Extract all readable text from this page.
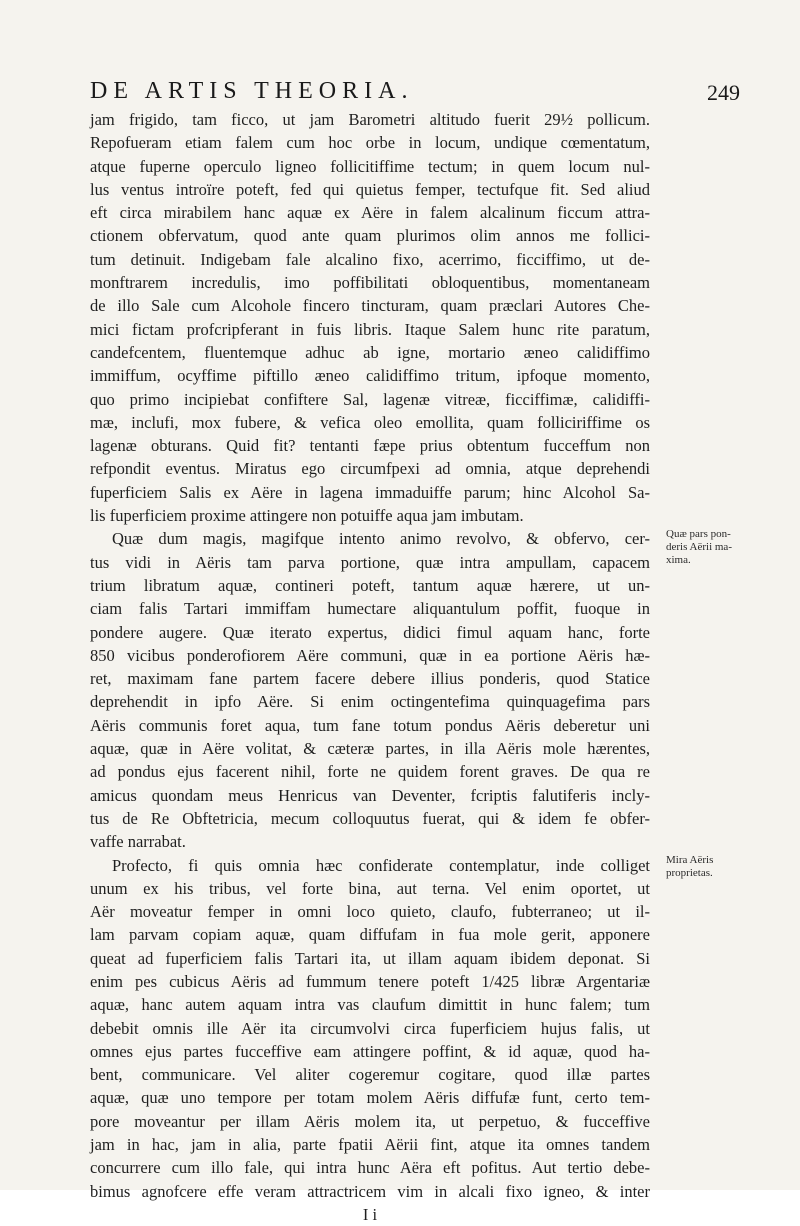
DE ARTIS THEORIA.	249
jam frigido, tam ficco, ut jam Barometri altitudo fuerit 29½ pollicum.
Repofueram etiam falem cum hoc orbe in locum, undique cœmentatum,
atque fuperne operculo ligneo follicitiffime tectum; in quem locum nul-
lus ventus introïre poteft, fed qui quietus femper, tectufque fit. Sed aliud
eft circa mirabilem hanc aquæ ex Aëre in falem alcalinum ficcum attra-
ctionem obfervatum, quod ante quam plurimos olim annos me follici-
tum detinuit. Indigebam fale alcalino fixo, acerrimo, ficciffimo, ut de-
monftrarem incredulis, imo poffibilitati obloquentibus, momentaneam
de illo Sale cum Alcohole fincero tincturam, quam præclari Autores Che-
mici fictam profcripferant in fuis libris. Itaque Salem hunc rite paratum,
candefcentem, fluentemque adhuc ab igne, mortario æneo calidiffimo
immiffum, ocyffime piftillo æneo calidiffimo tritum, ipfoque momento,
quo primo incipiebat confiftere Sal, lagenæ vitreæ, ficciffimæ, calidiffi-
mæ, inclufi, mox fubere, & vefica oleo emollita, quam folliciriffime os
lagenæ obturans. Quid fit? tentanti fæpe prius obtentum fucceffum non
refpondit eventus. Miratus ego circumfpexi ad omnia, atque deprehendi
fuperficiem Salis ex Aëre in lagena immaduiffe parum; hinc Alcohol Sa-
lis fuperficiem proxime attingere non potuiffe aqua jam imbutam.
Quæ dum magis, magifque intento animo revolvo, & obfervo, cer-
tus vidi in Aëris tam parva portione, quæ intra ampullam, capacem
trium libratum aquæ, contineri poteft, tantum aquæ hærere, ut un-
ciam falis Tartari immiffam humectare aliquantulum poffit, fuoque in
pondere augere. Quæ iterato expertus, didici fimul aquam hanc, forte
850 vicibus ponderofiorem Aëre communi, quæ in ea portione Aëris hæ-
ret, maximam fane partem facere debere illius ponderis, quod Statice
deprehendit in ipfo Aëre. Si enim octingentefima quinquagefima pars
Aëris communis foret aqua, tum fane totum pondus Aëris deberetur uni
aquæ, quæ in Aëre volitat, & cæteræ partes, in illa Aëris mole hærentes,
ad pondus ejus facerent nihil, forte ne quidem forent graves. De qua re
amicus quondam meus Henricus van Deventer, fcriptis falutiferis incly-
tus de Re Obftetricia, mecum colloquutus fuerat, qui & idem fe obfer-
vaffe narrabat.
Profecto, fi quis omnia hæc confiderate contemplatur, inde colliget
unum ex his tribus, vel forte bina, aut terna. Vel enim oportet, ut
Aër moveatur femper in omni loco quieto, claufo, fubterraneo; ut il-
lam parvam copiam aquæ, quam diffufam in fua mole gerit, apponere
queat ad fuperficiem falis Tartari ita, ut illam aquam ibidem deponat. Si
enim pes cubicus Aëris ad fummum tenere poteft 1/425 libræ Argentariæ
aquæ, hanc autem aquam intra vas claufum dimittit in hunc falem; tum
debebit omnis ille Aër ita circumvolvi circa fuperficiem hujus falis, ut
omnes ejus partes fucceffive eam attingere poffint, & id aquæ, quod ha-
bent, communicare. Vel aliter cogeremur cogitare, quod illæ partes
aquæ, quæ uno tempore per totam molem Aëris diffufæ funt, certo tem-
pore moveantur per illam Aëris molem ita, ut perpetuo, & fucceffive
jam in hac, jam in alia, parte fpatii Aërii fint, atque ita omnes tandem
concurrere cum illo fale, qui intra hunc Aëra eft pofitus. Aut tertio debe-
bimus agnofcere effe veram attractricem vim in alcali fixo igneo, & inter
I i
Quæ pars pon-
deris Aërii ma-
xima.
Mira Aëris
proprietas.
